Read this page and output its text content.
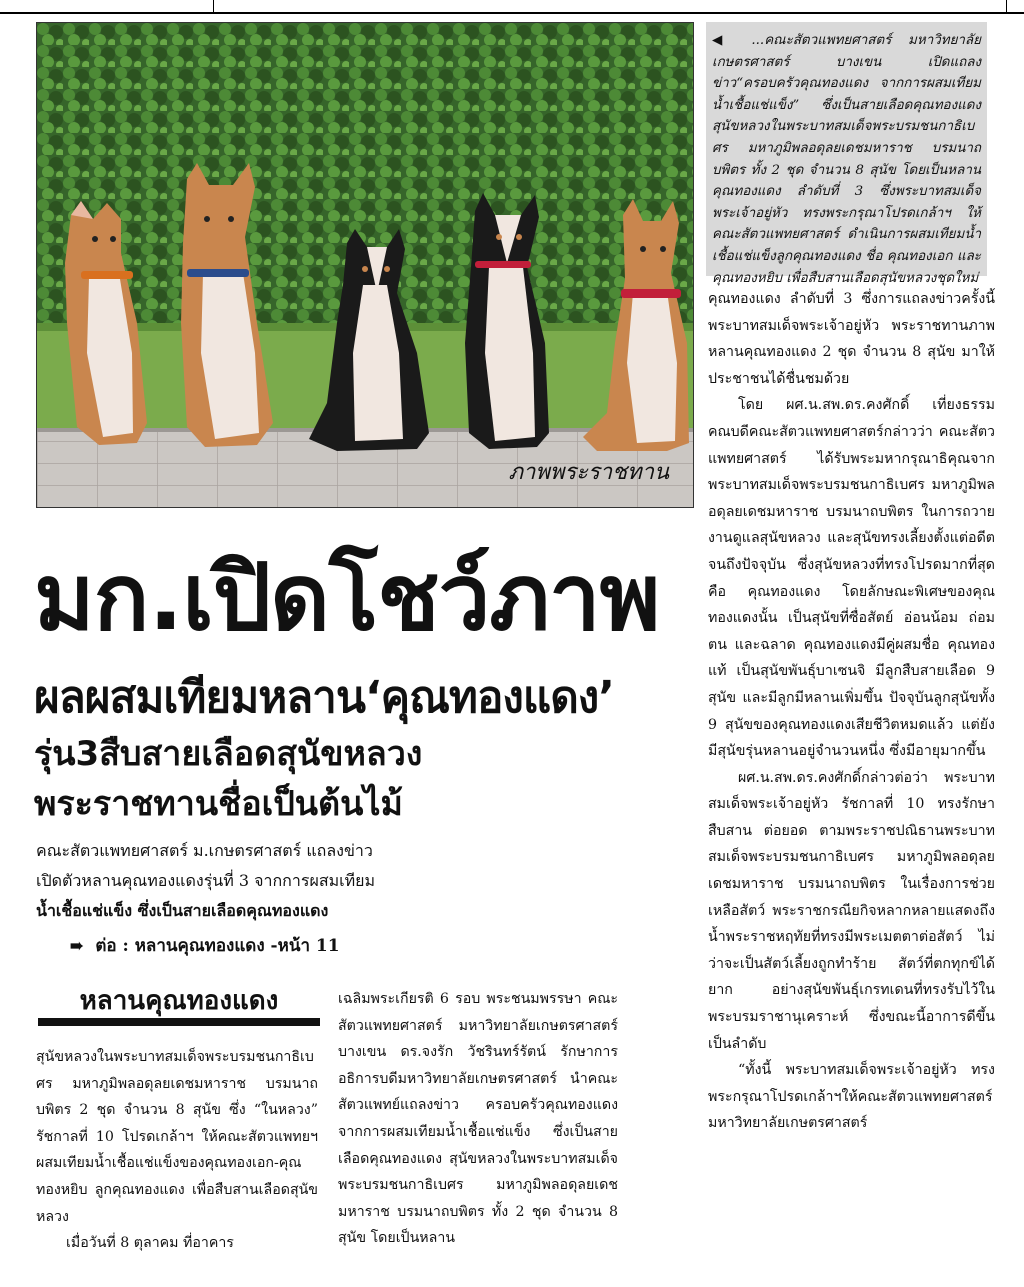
ภาพพระราชทาน
◀ ...คณะสัตวแพทยศาสตร์ มหาวิทยาลัยเกษตรศาสตร์ บางเขน เปิดแถลงข่าว“ครอบครัวคุณทองแดง จากการผสมเทียมน้ำเชื้อแช่แข็ง” ซึ่งเป็นสายเลือดคุณทองแดง สุนัขหลวงในพระบาทสมเด็จพระบรมชนกาธิเบศร มหาภูมิพลอดุลยเดชมหาราช บรมนาถบพิตร ทั้ง 2 ชุด จำนวน 8 สุนัข โดยเป็นหลานคุณทองแดง ลำดับที่ 3 ซึ่งพระบาทสมเด็จพระเจ้าอยู่หัว ทรงพระกรุณาโปรดเกล้าฯ ให้คณะสัตวแพทยศาสตร์ ดำเนินการผสมเทียมน้ำเชื้อแช่แข็งลูกคุณทองแดง ชื่อ คุณทองเอก และคุณทองหยิบ เพื่อสืบสานเลือดสุนัขหลวงชุดใหม่
มก.เปิดโชว์ภาพ
ผลผสมเทียมหลาน‘คุณทองแดง’
รุ่น3สืบสายเลือดสุนัขหลวง
พระราชทานชื่อเป็นต้นไม้

คณะสัตวแพทยศาสตร์ ม.เกษตรศาสตร์ แถลงข่าว

เปิดตัวหลานคุณทองแดงรุ่นที่ 3 จากการผสมเทียม

น้ำเชื้อแช่แข็ง ซึ่งเป็นสายเลือดคุณทองแดง

➠ ต่อ : หลานคุณทองแดง -หน้า 11
หลานคุณทองแดง

สุนัขหลวงในพระบาทสมเด็จพระบรมชนกาธิเบศร มหาภูมิพลอดุลยเดชมหาราช บรมนาถบพิตร 2 ชุด จำนวน 8 สุนัข ซึ่ง “ในหลวง” รัชกาลที่ 10 โปรดเกล้าฯ ให้คณะสัตวแพทยฯ ผสมเทียมน้ำเชื้อแช่แข็งของคุณทองเอก-คุณทองหยิบ ลูกคุณทองแดง เพื่อสืบสานเลือดสุนัขหลวง

เมื่อวันที่ 8 ตุลาคม ที่อาคาร

เฉลิมพระเกียรติ 6 รอบ พระชนมพรรษา คณะสัตวแพทยศาสตร์ มหาวิทยาลัยเกษตรศาสตร์ บางเขน ดร.จงรัก วัชรินทร์รัตน์ รักษาการอธิการบดีมหาวิทยาลัยเกษตรศาสตร์ นำคณะสัตวแพทย์แถลงข่าว ครอบครัวคุณทองแดงจากการผสมเทียมน้ำเชื้อแช่แข็ง ซึ่งเป็นสายเลือดคุณทองแดง สุนัขหลวงในพระบาทสมเด็จพระบรมชนกาธิเบศร มหาภูมิพลอดุลยเดชมหาราช บรมนาถบพิตร ทั้ง 2 ชุด จำนวน 8 สุนัข โดยเป็นหลาน

คุณทองแดง ลำดับที่ 3 ซึ่งการแถลงข่าวครั้งนี้ พระบาทสมเด็จพระเจ้าอยู่หัว พระราชทานภาพหลานคุณทองแดง 2 ชุด จำนวน 8 สุนัข มาให้ประชาชนได้ชื่นชมด้วย

โดย ผศ.น.สพ.ดร.คงศักดิ์ เที่ยงธรรม คณบดีคณะสัตวแพทยศาสตร์กล่าวว่า คณะสัตวแพทยศาสตร์ ได้รับพระมหากรุณาธิคุณจากพระบาทสมเด็จพระบรมชนกาธิเบศร มหาภูมิพลอดุลยเดชมหาราช บรมนาถบพิตร ในการถวายงานดูแลสุนัขหลวง และสุนัขทรงเลี้ยงตั้งแต่อดีตจนถึงปัจจุบัน ซึ่งสุนัขหลวงที่ทรงโปรดมากที่สุด คือ คุณทองแดง โดยลักษณะพิเศษของคุณทองแดงนั้น เป็นสุนัขที่ซื่อสัตย์ อ่อนน้อม ถ่อมตน และฉลาด คุณทองแดงมีคู่ผสมชื่อ คุณทองแท้ เป็นสุนัขพันธุ์บาเซนจิ มีลูกสืบสายเลือด 9 สุนัข และมีลูกมีหลานเพิ่มขึ้น ปัจจุบันลูกสุนัขทั้ง 9 สุนัขของคุณทองแดงเสียชีวิตหมดแล้ว แต่ยังมีสุนัขรุ่นหลานอยู่จำนวนหนึ่ง ซึ่งมีอายุมากขึ้น

ผศ.น.สพ.ดร.คงศักดิ์กล่าวต่อว่า พระบาทสมเด็จพระเจ้าอยู่หัว รัชกาลที่ 10 ทรงรักษา สืบสาน ต่อยอด ตามพระราชปณิธานพระบาทสมเด็จพระบรมชนกาธิเบศร มหาภูมิพลอดุลยเดชมหาราช บรมนาถบพิตร ในเรื่องการช่วยเหลือสัตว์ พระราชกรณียกิจหลากหลายแสดงถึงน้ำพระราชหฤทัยที่ทรงมีพระเมตตาต่อสัตว์ ไม่ว่าจะเป็นสัตว์เลี้ยงถูกทำร้าย สัตว์ที่ตกทุกข์ได้ยาก อย่างสุนัขพันธุ์เกรทเดนที่ทรงรับไว้ในพระบรมราชานุเคราะห์ ซึ่งขณะนี้อาการดีขึ้นเป็นลำดับ

“ทั้งนี้ พระบาทสมเด็จพระเจ้าอยู่หัว ทรงพระกรุณาโปรดเกล้าฯให้คณะสัตวแพทยศาสตร์ มหาวิทยาลัยเกษตรศาสตร์
